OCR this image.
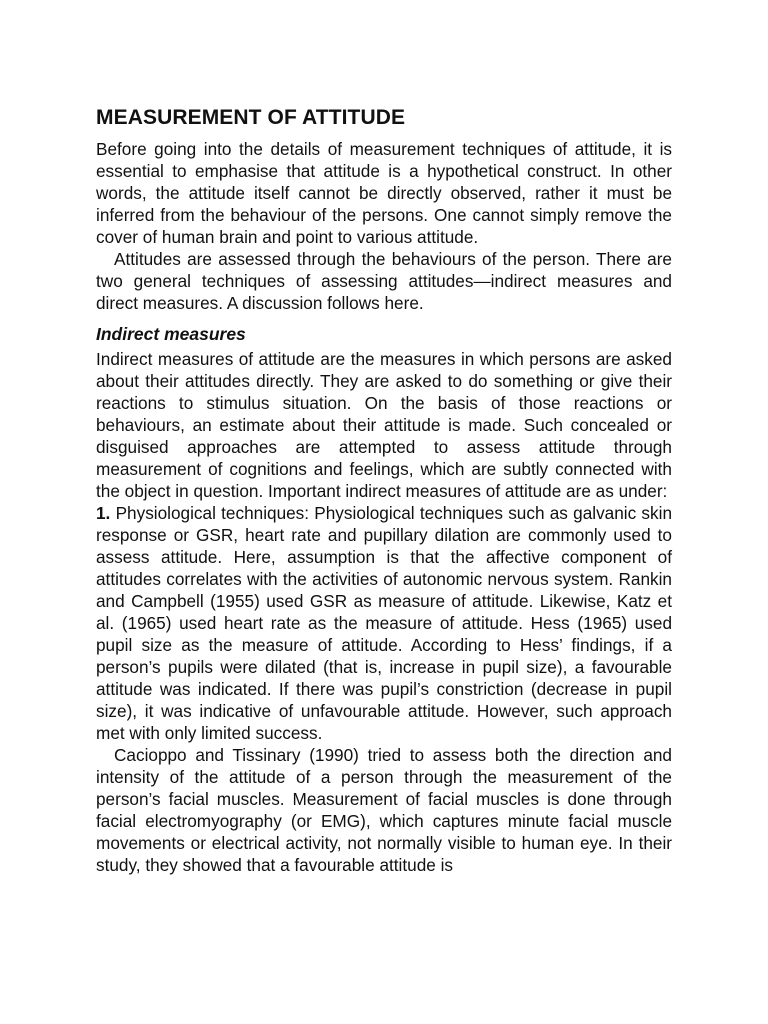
MEASUREMENT OF ATTITUDE

Before going into the details of measurement techniques of attitude, it is essential to emphasise that attitude is a hypothetical construct. In other words, the attitude itself cannot be directly observed, rather it must be inferred from the behaviour of the persons. One cannot simply remove the cover of human brain and point to various attitude.

Attitudes are assessed through the behaviours of the person. There are two general techniques of assessing attitudes—indirect measures and direct measures. A discussion follows here.

Indirect measures

Indirect measures of attitude are the measures in which persons are asked about their attitudes directly. They are asked to do something or give their reactions to stimulus situation. On the basis of those reactions or behaviours, an estimate about their attitude is made. Such concealed or disguised approaches are attempted to assess attitude through measurement of cognitions and feelings, which are subtly connected with the object in question. Important indirect measures of attitude are as under:

1. Physiological techniques: Physiological techniques such as galvanic skin response or GSR, heart rate and pupillary dilation are commonly used to assess attitude. Here, assumption is that the affective component of attitudes correlates with the activities of autonomic nervous system. Rankin and Campbell (1955) used GSR as measure of attitude. Likewise, Katz et al. (1965) used heart rate as the measure of attitude. Hess (1965) used pupil size as the measure of attitude. According to Hess’ findings, if a person’s pupils were dilated (that is, increase in pupil size), a favourable attitude was indicated. If there was pupil’s constriction (decrease in pupil size), it was indicative of unfavourable attitude. However, such approach met with only limited success.

Cacioppo and Tissinary (1990) tried to assess both the direction and intensity of the attitude of a person through the measurement of the person’s facial muscles. Measurement of facial muscles is done through facial electromyography (or EMG), which captures minute facial muscle movements or electrical activity, not normally visible to human eye. In their study, they showed that a favourable attitude is
